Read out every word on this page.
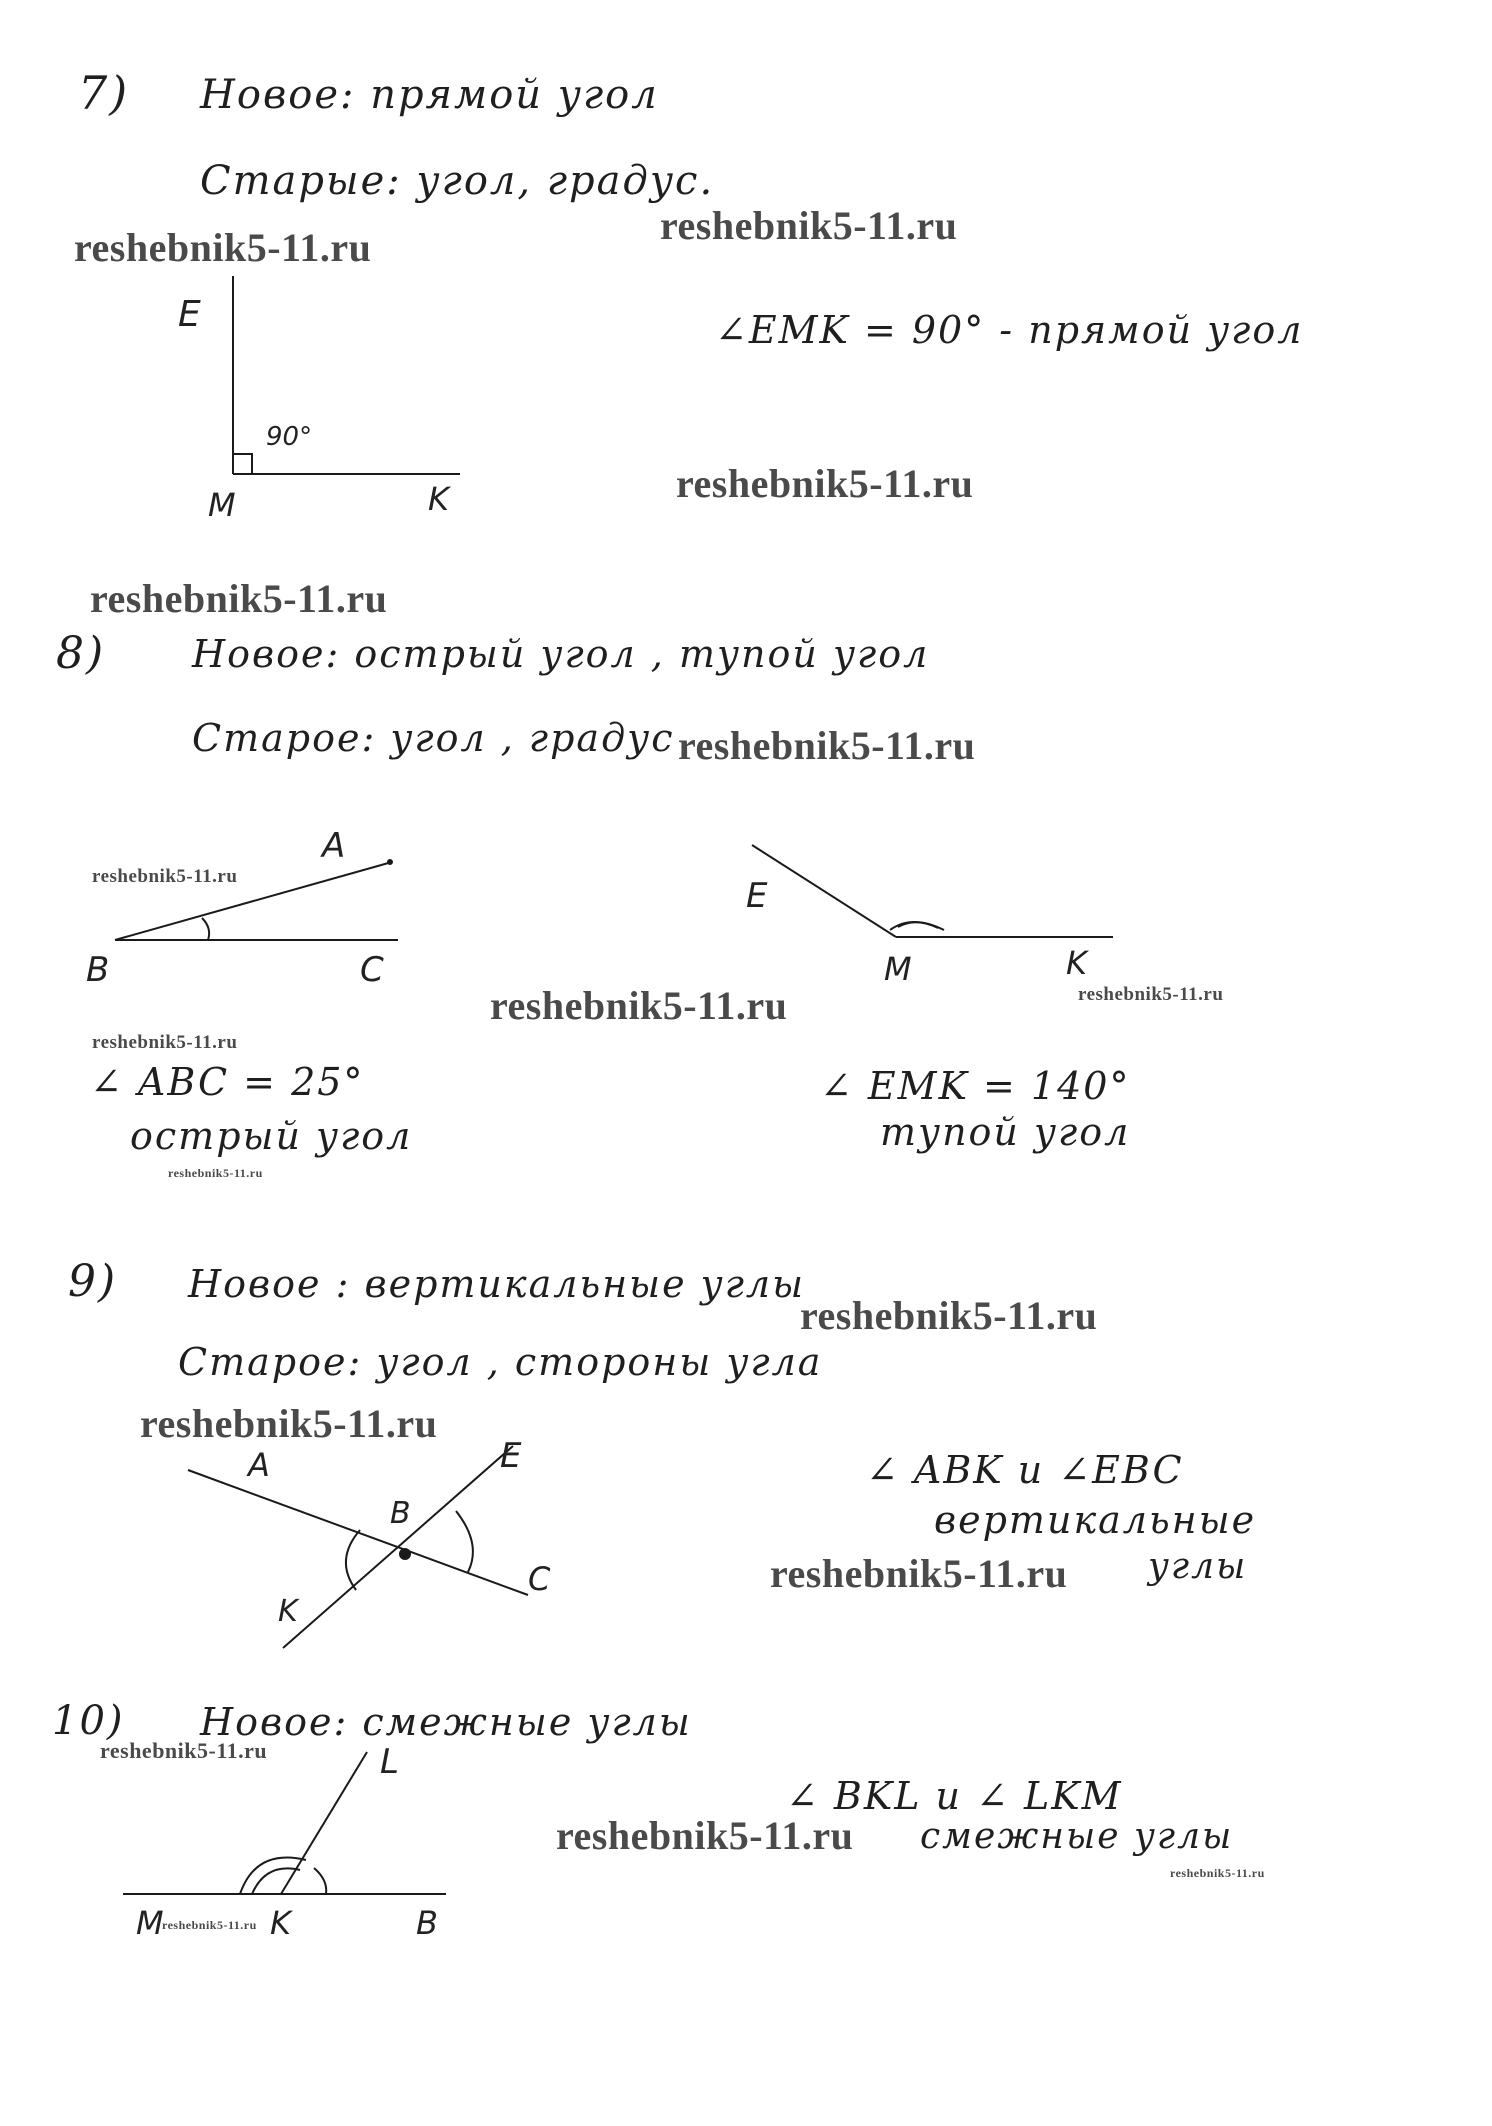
7) Новое: прямой угол
Старые: угол, градус.
reshebnik5-11.ru
reshebnik5-11.ru
E
90°
M	K
∠EMK = 90° - прямой угол
reshebnik5-11.ru
reshebnik5-11.ru
8) Новое: острый угол , тупой угол
Старое: угол , градус reshebnik5-11.ru
reshebnik5-11.ru
A
B	C
E
M	K
reshebnik5-11.ru
reshebnik5-11.ru
reshebnik5-11.ru
∠ ABC = 25°
острый угол
reshebnik5-11.ru
∠ EMK = 140°
тупой угол
9) Новое : вертикальные углы
reshebnik5-11.ru
Старое: угол , стороны угла
reshebnik5-11.ru
A	E
B
C
K
∠ ABK и ∠EBC
вертикальные
reshebnik5-11.ru углы
10) Новое: смежные углы
reshebnik5-11.ru	L
∠ BKL и ∠ LKM
reshebnik5-11.ru смежные углы
reshebnik5-11.ru
M
reshebnik5-11.ru K	B
